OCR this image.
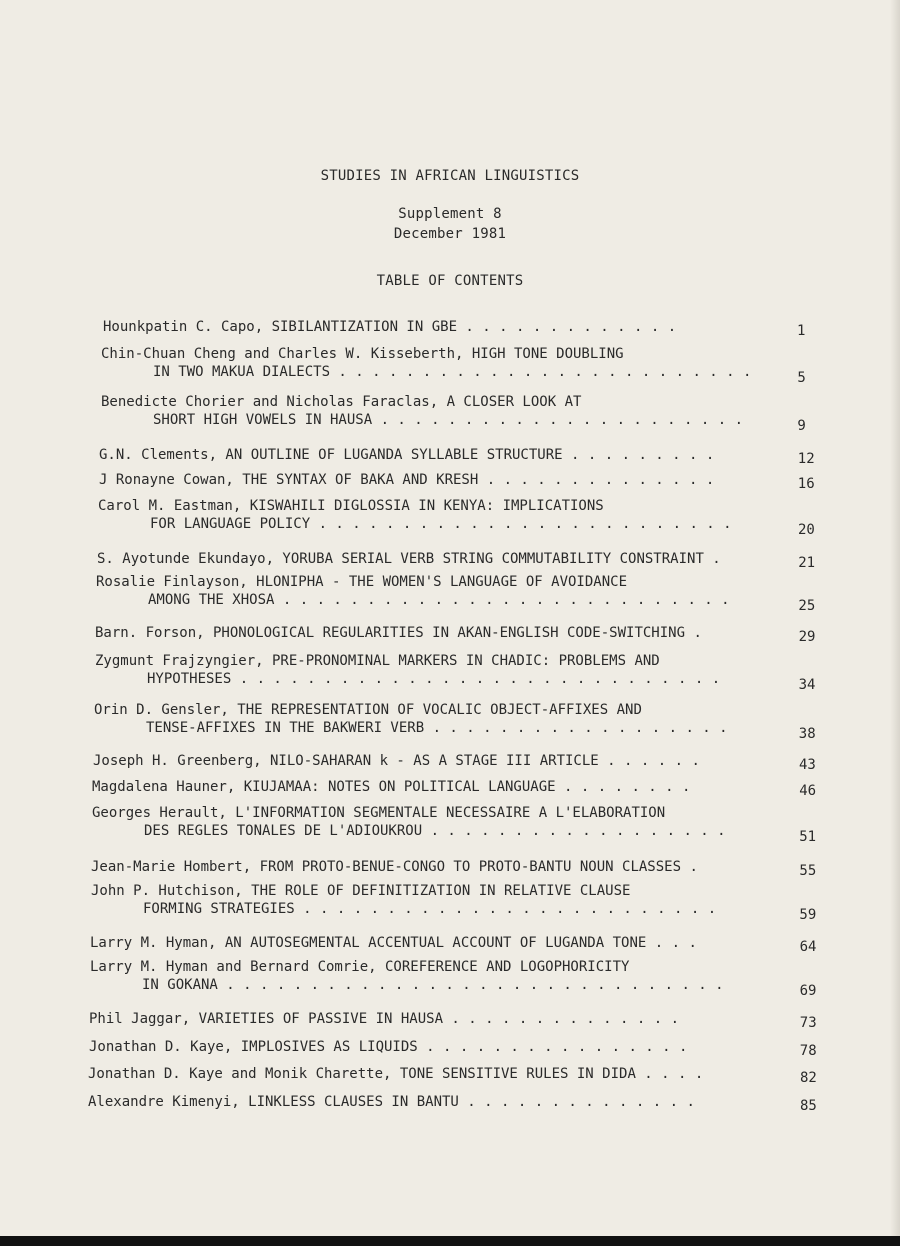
STUDIES IN AFRICAN LINGUISTICS
Supplement 8
December 1981
TABLE OF CONTENTS
Hounkpatin C. Capo, SIBILANTIZATION IN GBE . . . . . . . . . . . . .	1
Chin-Chuan Cheng and Charles W. Kisseberth, HIGH TONE DOUBLING
IN TWO MAKUA DIALECTS . . . . . . . . . . . . . . . . . . . . . . . . .	5
Benedicte Chorier and Nicholas Faraclas, A CLOSER LOOK AT
SHORT HIGH VOWELS IN HAUSA . . . . . . . . . . . . . . . . . . . . . .	9
G.N. Clements, AN OUTLINE OF LUGANDA SYLLABLE STRUCTURE . . . . . . . . .	12
J Ronayne Cowan, THE SYNTAX OF BAKA AND KRESH . . . . . . . . . . . . . .	16
Carol M. Eastman, KISWAHILI DIGLOSSIA IN KENYA: IMPLICATIONS
FOR LANGUAGE POLICY . . . . . . . . . . . . . . . . . . . . . . . . .	20
S. Ayotunde Ekundayo, YORUBA SERIAL VERB STRING COMMUTABILITY CONSTRAINT .	21
Rosalie Finlayson, HLONIPHA - THE WOMEN'S LANGUAGE OF AVOIDANCE
AMONG THE XHOSA . . . . . . . . . . . . . . . . . . . . . . . . . . .	25
Barn. Forson, PHONOLOGICAL REGULARITIES IN AKAN-ENGLISH CODE-SWITCHING .	29
Zygmunt Frajzyngier, PRE-PRONOMINAL MARKERS IN CHADIC: PROBLEMS AND
HYPOTHESES . . . . . . . . . . . . . . . . . . . . . . . . . . . . .	34
Orin D. Gensler, THE REPRESENTATION OF VOCALIC OBJECT-AFFIXES AND
TENSE-AFFIXES IN THE BAKWERI VERB . . . . . . . . . . . . . . . . . .	38
Joseph H. Greenberg, NILO-SAHARAN k - AS A STAGE III ARTICLE . . . . . .	43
Magdalena Hauner, KIUJAMAA: NOTES ON POLITICAL LANGUAGE . . . . . . . .	46
Georges Herault, L'INFORMATION SEGMENTALE NECESSAIRE A L'ELABORATION
DES REGLES TONALES DE L'ADIOUKROU . . . . . . . . . . . . . . . . . .	51
Jean-Marie Hombert, FROM PROTO-BENUE-CONGO TO PROTO-BANTU NOUN CLASSES .	55
John P. Hutchison, THE ROLE OF DEFINITIZATION IN RELATIVE CLAUSE
FORMING STRATEGIES . . . . . . . . . . . . . . . . . . . . . . . . .	59
Larry M. Hyman, AN AUTOSEGMENTAL ACCENTUAL ACCOUNT OF LUGANDA TONE . . .	64
Larry M. Hyman and Bernard Comrie, COREFERENCE AND LOGOPHORICITY
IN GOKANA . . . . . . . . . . . . . . . . . . . . . . . . . . . . . .	69
Phil Jaggar, VARIETIES OF PASSIVE IN HAUSA . . . . . . . . . . . . . .	73
Jonathan D. Kaye, IMPLOSIVES AS LIQUIDS . . . . . . . . . . . . . . . .	78
Jonathan D. Kaye and Monik Charette, TONE SENSITIVE RULES IN DIDA . . . .	82
Alexandre Kimenyi, LINKLESS CLAUSES IN BANTU . . . . . . . . . . . . . .	85
